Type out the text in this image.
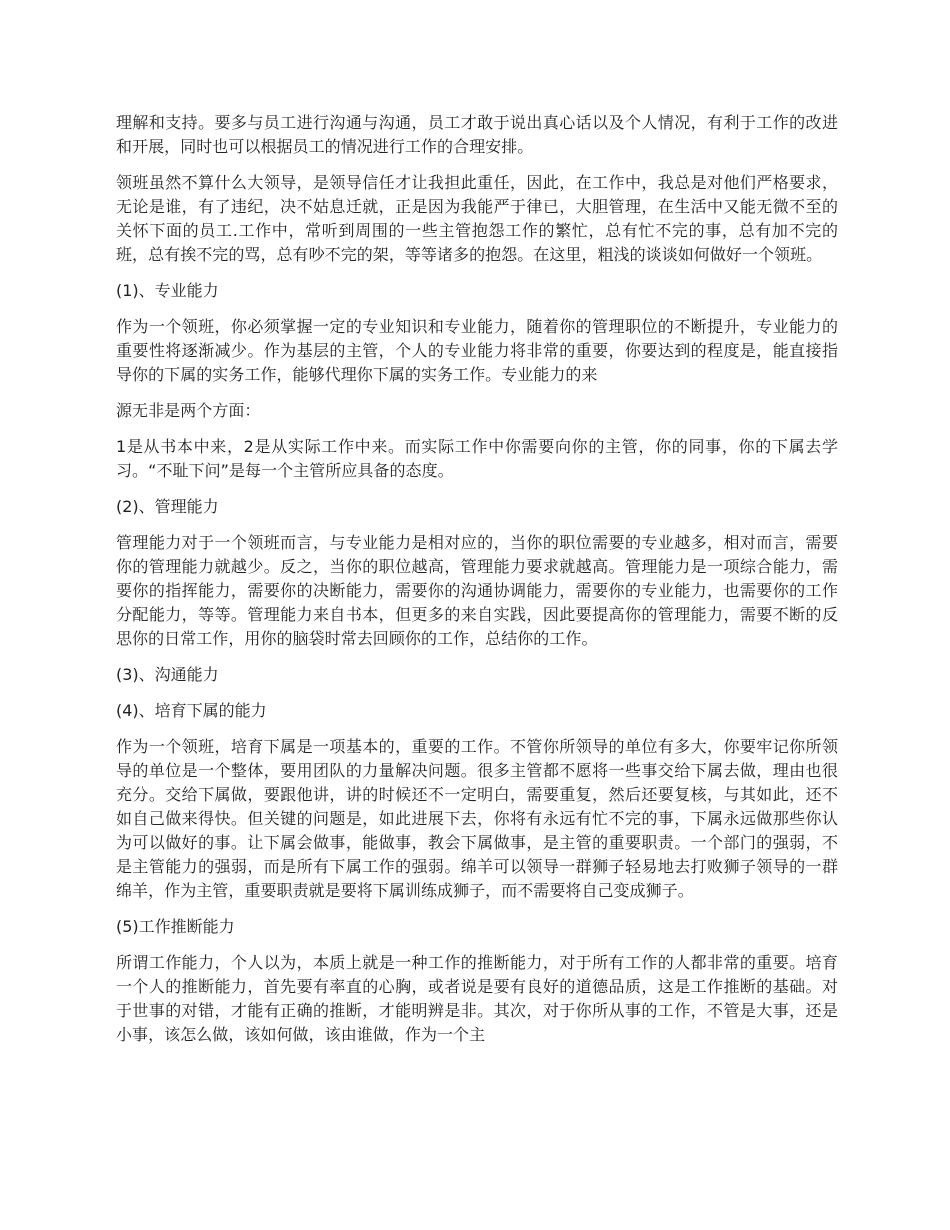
理解和支持。要多与员工进行沟通与沟通，员工才敢于说出真心话以及个人情况，有利于工作的改进和开展，同时也可以根据员工的情况进行工作的合理安排。

领班虽然不算什么大领导，是领导信任才让我担此重任，因此，在工作中，我总是对他们严格要求，无论是谁，有了违纪，决不姑息迁就，正是因为我能严于律已，大胆管理，在生活中又能无微不至的关怀下面的员工.工作中，常听到周围的一些主管抱怨工作的繁忙，总有忙不完的事，总有加不完的班，总有挨不完的骂，总有吵不完的架，等等诸多的抱怨。在这里，粗浅的谈谈如何做好一个领班。

(1)、专业能力

作为一个领班，你必须掌握一定的专业知识和专业能力，随着你的管理职位的不断提升，专业能力的重要性将逐渐减少。作为基层的主管，个人的专业能力将非常的重要，你要达到的程度是，能直接指导你的下属的实务工作，能够代理你下属的实务工作。专业能力的来

源无非是两个方面：

1是从书本中来，2是从实际工作中来。而实际工作中你需要向你的主管，你的同事，你的下属去学习。“不耻下问”是每一个主管所应具备的态度。

(2)、管理能力

管理能力对于一个领班而言，与专业能力是相对应的，当你的职位需要的专业越多，相对而言，需要你的管理能力就越少。反之，当你的职位越高，管理能力要求就越高。管理能力是一项综合能力，需要你的指挥能力，需要你的决断能力，需要你的沟通协调能力，需要你的专业能力，也需要你的工作分配能力，等等。管理能力来自书本，但更多的来自实践，因此要提高你的管理能力，需要不断的反思你的日常工作，用你的脑袋时常去回顾你的工作，总结你的工作。

(3)、沟通能力

(4)、培育下属的能力

作为一个领班，培育下属是一项基本的，重要的工作。不管你所领导的单位有多大，你要牢记你所领导的单位是一个整体，要用团队的力量解决问题。很多主管都不愿将一些事交给下属去做，理由也很充分。交给下属做，要跟他讲，讲的时候还不一定明白，需要重复，然后还要复核，与其如此，还不如自己做来得快。但关键的问题是，如此进展下去，你将有永远有忙不完的事，下属永远做那些你认为可以做好的事。让下属会做事，能做事，教会下属做事，是主管的重要职责。一个部门的强弱，不是主管能力的强弱，而是所有下属工作的强弱。绵羊可以领导一群狮子轻易地去打败狮子领导的一群绵羊，作为主管，重要职责就是要将下属训练成狮子，而不需要将自己变成狮子。

(5)工作推断能力

所谓工作能力，个人以为，本质上就是一种工作的推断能力，对于所有工作的人都非常的重要。培育一个人的推断能力，首先要有率直的心胸，或者说是要有良好的道德品质，这是工作推断的基础。对于世事的对错，才能有正确的推断，才能明辨是非。其次，对于你所从事的工作，不管是大事，还是小事，该怎么做，该如何做，该由谁做，作为一个主
